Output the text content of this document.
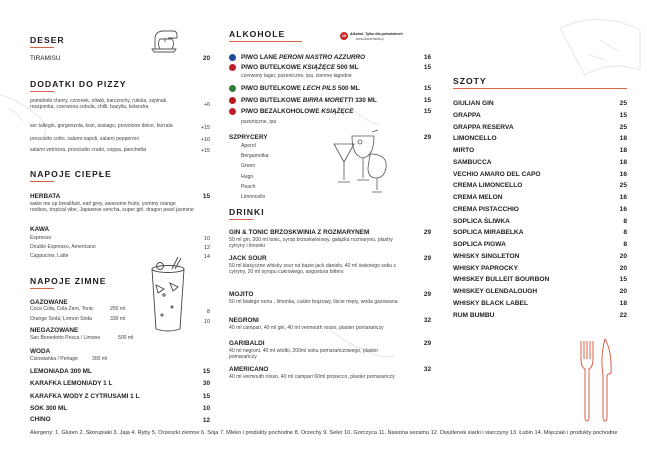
DESER
TIRAMISU	20
DODATKI DO PIZZY
pomidorki cherry, czosnek, oliwki, karczochy, rukola, szpinak, roszponka, czerwona cebula, chilli, bazylia, kolendra	+6
ser tallegio, gorgonzola, kozi, assiago, provolone dolce, burrata	+15
prosciutto cotto, salami napoli, salami pepperoni	+10
salami vetricina, prosciutto crudo, coppa, panchetta	+15
NAPOJE CIEPŁE
HERBATA	15
wake me up breakfast, earl grey, awesome fruits, yummy orange rooibos, tropical vibe, Japanese sencha, super girl, dragon pearl jasmine
KAWA
Espresso	10
Double Espresso, Americano	12
Cappucino, Latte	14
NAPOJE ZIMNE
GAZOWANE
Coca Cola, Cola Zero, Tonic	250 ml	8
Orange Soda, Lemon Soda	330 ml	10
NIEGAZOWANE
San Benedetto Pesca / Limone	500 ml
WODA
Cisowianka / Perlage	300 ml
LEMONIADA 300 ML	15
KARAFKA LEMONIADY 1 L	30
KARAFKA WODY Z CYTRUSAMI 1 L	15
SOK 300 ML	10
CHINO	12
ALKOHOLE	18	Alkohol. Tylko dla pełnoletnich
www.dlaczemitak.pl
PIWO LANE PERONI NASTRO AZZURRO	16
PIWO BUTELKOWE KSIĄŻĘCE 500 ML	15
PIWO BUTELKOWE LECH PILS 500 ML	15
PIWO BUTELKOWE BIRRA MORETTI 330 ML	15
PIWO BEZALKOHOLOWE KSIĄŻĘCE	15
czerwony lager, pszeniczne, ipa, ciemne łagodne
pszeniczne, ipa
SZPRYCERY	29
Aperol
Bergamotka
Green
Hugo
Peach
Limoncello
DRINKI
GIN & TONIC BRZOSKWINIA Z ROZMARYNEM	29
50 ml gin, 200 ml tonic, syrop brzoskwiniowy, gałązka rozmarynu, plastry cytryny i limonki
JACK SOUR	29
50 ml klasyczne whisky sour na bazie jack daniels, 40 ml świeżego soku z cytryny, 20 ml syropu cukrowego, angostura bitters
MOJITO	29
50 ml białego rumu , limonka, cukier brązowy, liście mięty, woda gazowana
NEGRONI	32
40 ml campari, 40 ml gin, 40 ml vermouth rosso, plaster pomarańczy
GARIBALDI	29
40 ml negroni, 40 ml wódki, 200ml soku pomarańczowego, plaster pomarańczy
AMERICANO	32
40 ml vermouth rosso, 40 ml campari 60ml prosecco, plaster pomarańczy
SZOTY
GIULIAN GIN	25
GRAPPA	15
GRAPPA RESERVA	25
LIMONCELLO	18
MIRTO	18
SAMBUCCA	18
VECHIO AMARO DEL CAPO	16
CREMA LIMONCELLO	25
CREMA MELON	16
CREMA PISTACCHIO	16
SOPLICA ŚLIWKA	8
SOPLICA MIRABELKA	8
SOPLICA PIGWA	8
WHISKY SINGLETON	20
WHISKY PAPROCKY	20
WHISKEY BULLEIT BOURBON	15
WHISKEY GLENDALOUGH	20
WHISKY BLACK LABEL	18
RUM BUMBU	22
Alergeny: 1. Gluten 2. Skorupiaki 3. Jaja 4. Ryby 5. Orzeszki ziemne 6. Soja 7. Mleko i produkty pochodne 8. Orzechy 9. Seler 10. Gorczyca 11. Nasiona sezamu 12. Dwutlenek siarki i siarczyny 13. Łubin 14. Mięczaki i produkty pochodne
